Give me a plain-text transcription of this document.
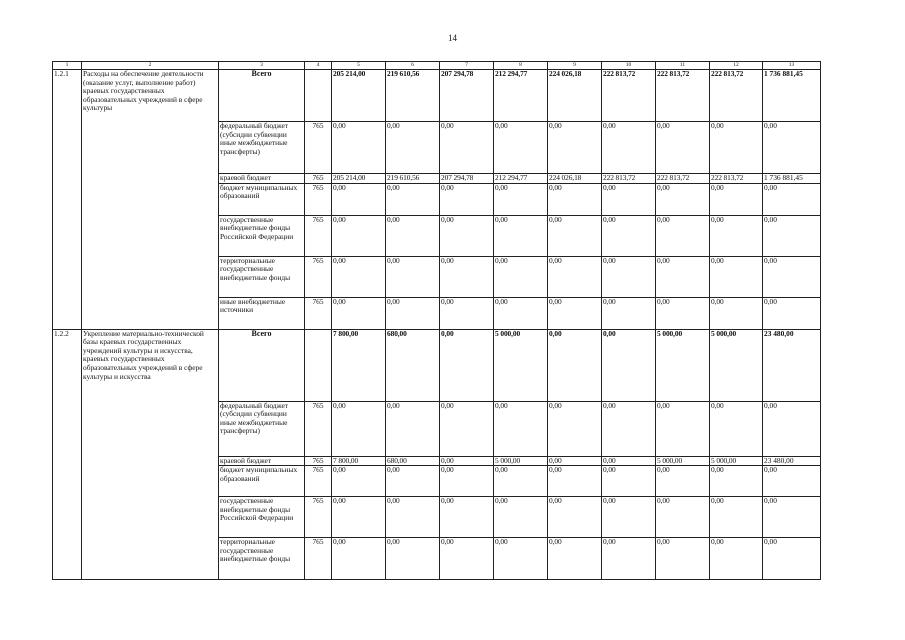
14
1	2	3	4	5	6	7	8	9	10	11	12	13
1.2.1	Расходы на обеспечение деятельности (оказание услуг, выполнение работ) краевых государственных образовательных учреждений в сфере культуры	Всего		205 214,00	219 610,56	207 294,78	212 294,77	224 026,18	222 813,72	222 813,72	222 813,72	1 736 881,45
		федеральный бюджет (субсидии субвенции иные межбюджетные трансферты)	765	0,00	0,00	0,00	0,00	0,00	0,00	0,00	0,00	0,00
		краевой бюджет	765	205 214,00	219 610,56	207 294,78	212 294,77	224 026,18	222 813,72	222 813,72	222 813,72	1 736 881,45
		бюджет муниципальных образований	765	0,00	0,00	0,00	0,00	0,00	0,00	0,00	0,00	0,00
		государственные внебюджетные фонды Российской Федерации	765	0,00	0,00	0,00	0,00	0,00	0,00	0,00	0,00	0,00
		территориальные государственные внебюджетные фонды	765	0,00	0,00	0,00	0,00	0,00	0,00	0,00	0,00	0,00
		иные внебюджетные источники	765	0,00	0,00	0,00	0,00	0,00	0,00	0,00	0,00	0,00
1.2.2	Укрепление материально-технической базы краевых государственных учреждений культуры и искусства, краевых государственных образовательных учреждений в сфере культуры и искусства	Всего		7 800,00	680,00	0,00	5 000,00	0,00	0,00	5 000,00	5 000,00	23 480,00
		федеральный бюджет (субсидии субвенции иные межбюджетные трансферты)	765	0,00	0,00	0,00	0,00	0,00	0,00	0,00	0,00	0,00
		краевой бюджет	765	7 800,00	680,00	0,00	5 000,00	0,00	0,00	5 000,00	5 000,00	23 480,00
		бюджет муниципальных образований	765	0,00	0,00	0,00	0,00	0,00	0,00	0,00	0,00	0,00
		государственные внебюджетные фонды Российской Федерации	765	0,00	0,00	0,00	0,00	0,00	0,00	0,00	0,00	0,00
		территориальные государственные внебюджетные фонды	765	0,00	0,00	0,00	0,00	0,00	0,00	0,00	0,00	0,00
